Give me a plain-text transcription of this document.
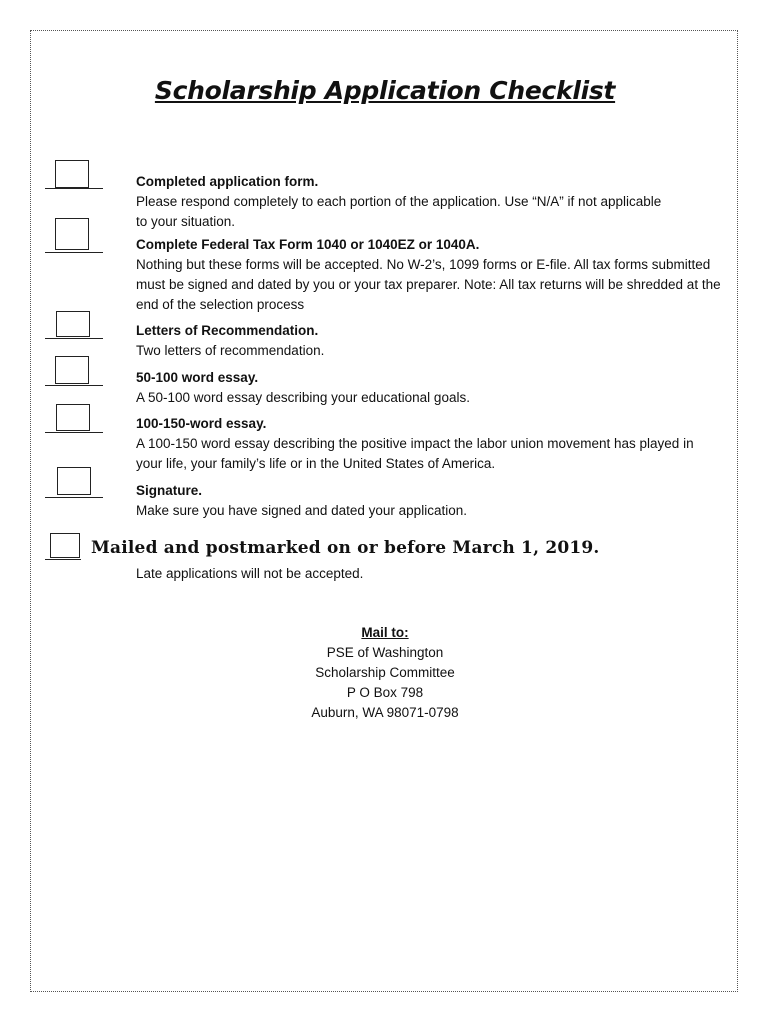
Scholarship Application Checklist
Completed application form.
Please respond completely to each portion of the application. Use “N/A” if not applicable to your situation.
Complete Federal Tax Form 1040 or 1040EZ or 1040A.
Nothing but these forms will be accepted. No W-2’s, 1099 forms or E-file. All tax forms submitted must be signed and dated by you or your tax preparer. Note: All tax returns will be shredded at the end of the selection process
Letters of Recommendation.
Two letters of recommendation.
50-100 word essay.
A 50-100 word essay describing your educational goals.
100-150-word essay.
A 100-150 word essay describing the positive impact the labor union movement has played in your life, your family’s life or in the United States of America.
Signature.
Make sure you have signed and dated your application.
Mailed and postmarked on or before March 1, 2019.
Late applications will not be accepted.
Mail to:
PSE of Washington
Scholarship Committee
P O Box 798
Auburn, WA 98071-0798
